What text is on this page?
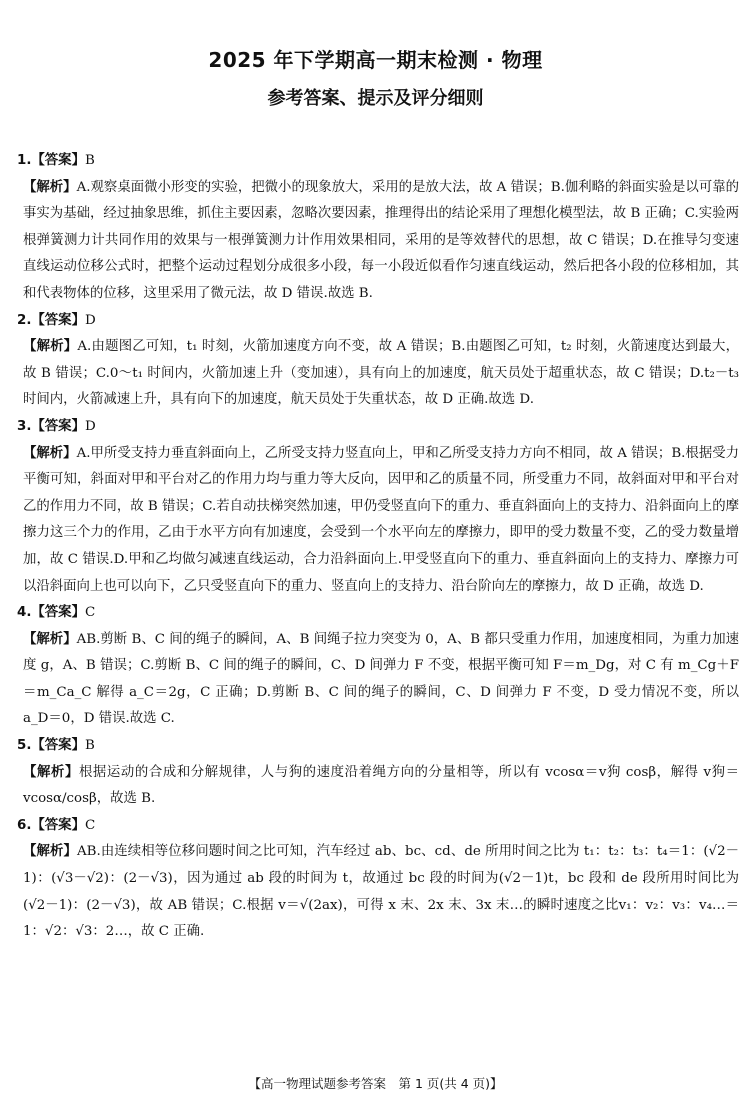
2025 年下学期高一期末检测 · 物理
参考答案、提示及评分细则
1.【答案】B
【解析】A.观察桌面微小形变的实验，把微小的现象放大，采用的是放大法，故 A 错误；B.伽利略的斜面实验是以可靠的事实为基础，经过抽象思维，抓住主要因素，忽略次要因素，推理得出的结论采用了理想化模型法，故 B 正确；C.实验两根弹簧测力计共同作用的效果与一根弹簧测力计作用效果相同，采用的是等效替代的思想，故 C 错误；D.在推导匀变速直线运动位移公式时，把整个运动过程划分成很多小段，每一小段近似看作匀速直线运动，然后把各小段的位移相加，其和代表物体的位移，这里采用了微元法，故 D 错误.故选 B.
2.【答案】D
【解析】A.由题图乙可知，t₁ 时刻，火箭加速度方向不变，故 A 错误；B.由题图乙可知，t₂ 时刻，火箭速度达到最大，故 B 错误；C.0～t₁ 时间内，火箭加速上升（变加速），具有向上的加速度，航天员处于超重状态，故 C 错误；D.t₂－t₃时间内，火箭减速上升，具有向下的加速度，航天员处于失重状态，故 D 正确.故选 D.
3.【答案】D
【解析】A.甲所受支持力垂直斜面向上，乙所受支持力竖直向上，甲和乙所受支持力方向不相同，故 A 错误；B.根据受力平衡可知，斜面对甲和平台对乙的作用力均与重力等大反向，因甲和乙的质量不同，所受重力不同，故斜面对甲和平台对乙的作用力不同，故 B 错误；C.若自动扶梯突然加速，甲仍受竖直向下的重力、垂直斜面向上的支持力、沿斜面向上的摩擦力这三个力的作用，乙由于水平方向有加速度，会受到一个水平向左的摩擦力，即甲的受力数量不变，乙的受力数量增加，故 C 错误.D.甲和乙均做匀减速直线运动，合力沿斜面向上.甲受竖直向下的重力、垂直斜面向上的支持力、摩擦力可以沿斜面向上也可以向下，乙只受竖直向下的重力、竖直向上的支持力、沿台阶向左的摩擦力，故 D 正确，故选 D.
4.【答案】C
【解析】AB.剪断 B、C 间的绳子的瞬间，A、B 间绳子拉力突变为 0，A、B 都只受重力作用，加速度相同，为重力加速度 g，A、B 错误；C.剪断 B、C 间的绳子的瞬间，C、D 间弹力 F 不变，根据平衡可知 F＝m_Dg，对 C 有 m_Cg＋F＝m_Ca_C 解得 a_C＝2g，C 正确；D.剪断 B、C 间的绳子的瞬间，C、D 间弹力 F 不变，D 受力情况不变，所以 a_D＝0，D 错误.故选 C.
5.【答案】B
【解析】根据运动的合成和分解规律，人与狗的速度沿着绳方向的分量相等，所以有 vcosα＝v狗 cosβ，解得 v狗＝vcosα/cosβ，故选 B.
6.【答案】C
【解析】AB.由连续相等位移问题时间之比可知，汽车经过 ab、bc、cd、de 所用时间之比为 t₁：t₂：t₃：t₄＝1：(√2－1)：(√3－√2)：(2－√3)，因为通过 ab 段的时间为 t，故通过 bc 段的时间为(√2－1)t，bc 段和 de 段所用时间比为(√2－1)：(2－√3)，故 AB 错误；C.根据 v＝√(2ax)，可得 x 末、2x 末、3x 末…的瞬时速度之比v₁：v₂：v₃：v₄…＝1：√2：√3：2…，故 C 正确.
【高一物理试题参考答案　第 1 页(共 4 页)】
